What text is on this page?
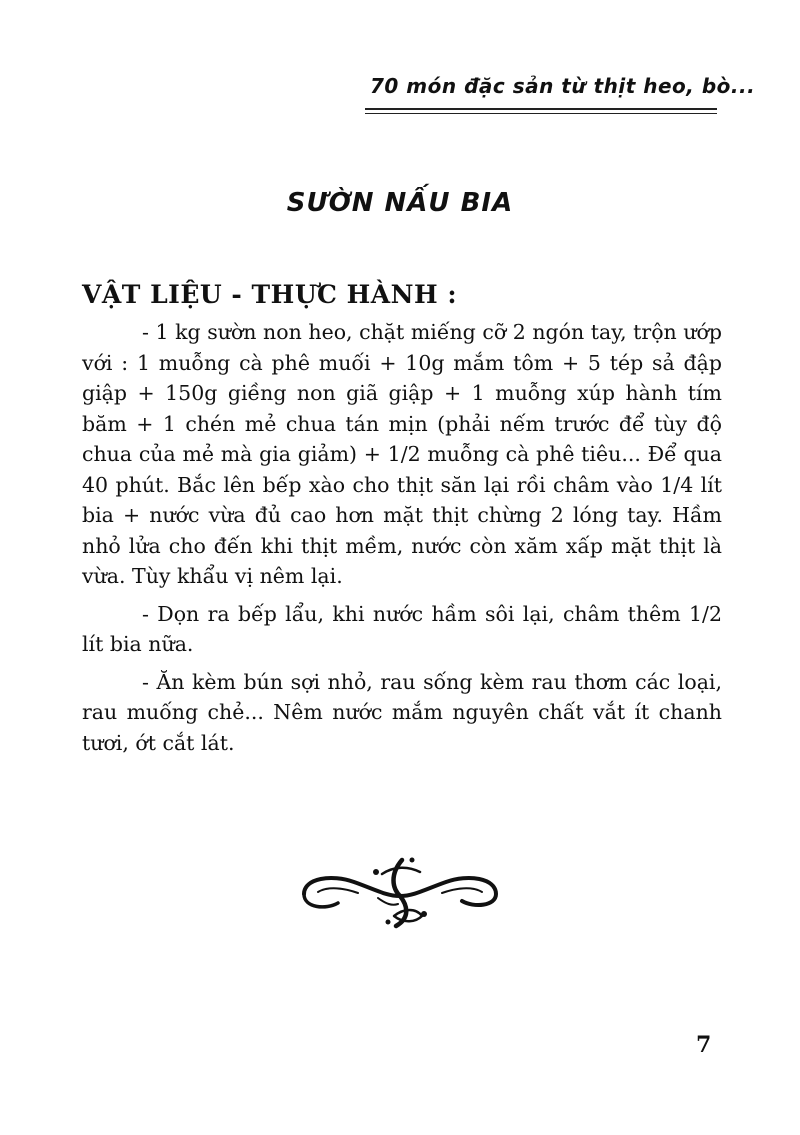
70 món đặc sản từ thịt heo, bò...
SƯỜN NẤU BIA
VẬT LIỆU - THỰC HÀNH :

- 1 kg sườn non heo, chặt miếng cỡ 2 ngón tay, trộn ướp với : 1 muỗng cà phê muối + 10g mắm tôm + 5 tép sả đập giập + 150g giềng non giã giập + 1 muỗng xúp hành tím băm + 1 chén mẻ chua tán mịn (phải nếm trước để tùy độ chua của mẻ mà gia giảm) + 1/2 muỗng cà phê tiêu... Để qua 40 phút. Bắc lên bếp xào cho thịt săn lại rồi châm vào 1/4 lít bia + nước vừa đủ cao hơn mặt thịt chừng 2 lóng tay. Hầm nhỏ lửa cho đến khi thịt mềm, nước còn xăm xấp mặt thịt là vừa. Tùy khẩu vị nêm lại.

- Dọn ra bếp lẩu, khi nước hầm sôi lại, châm thêm 1/2 lít bia nữa.

- Ăn kèm bún sợi nhỏ, rau sống kèm rau thơm các loại, rau muống chẻ... Nêm nước mắm nguyên chất vắt ít chanh tươi, ớt cắt lát.

7
